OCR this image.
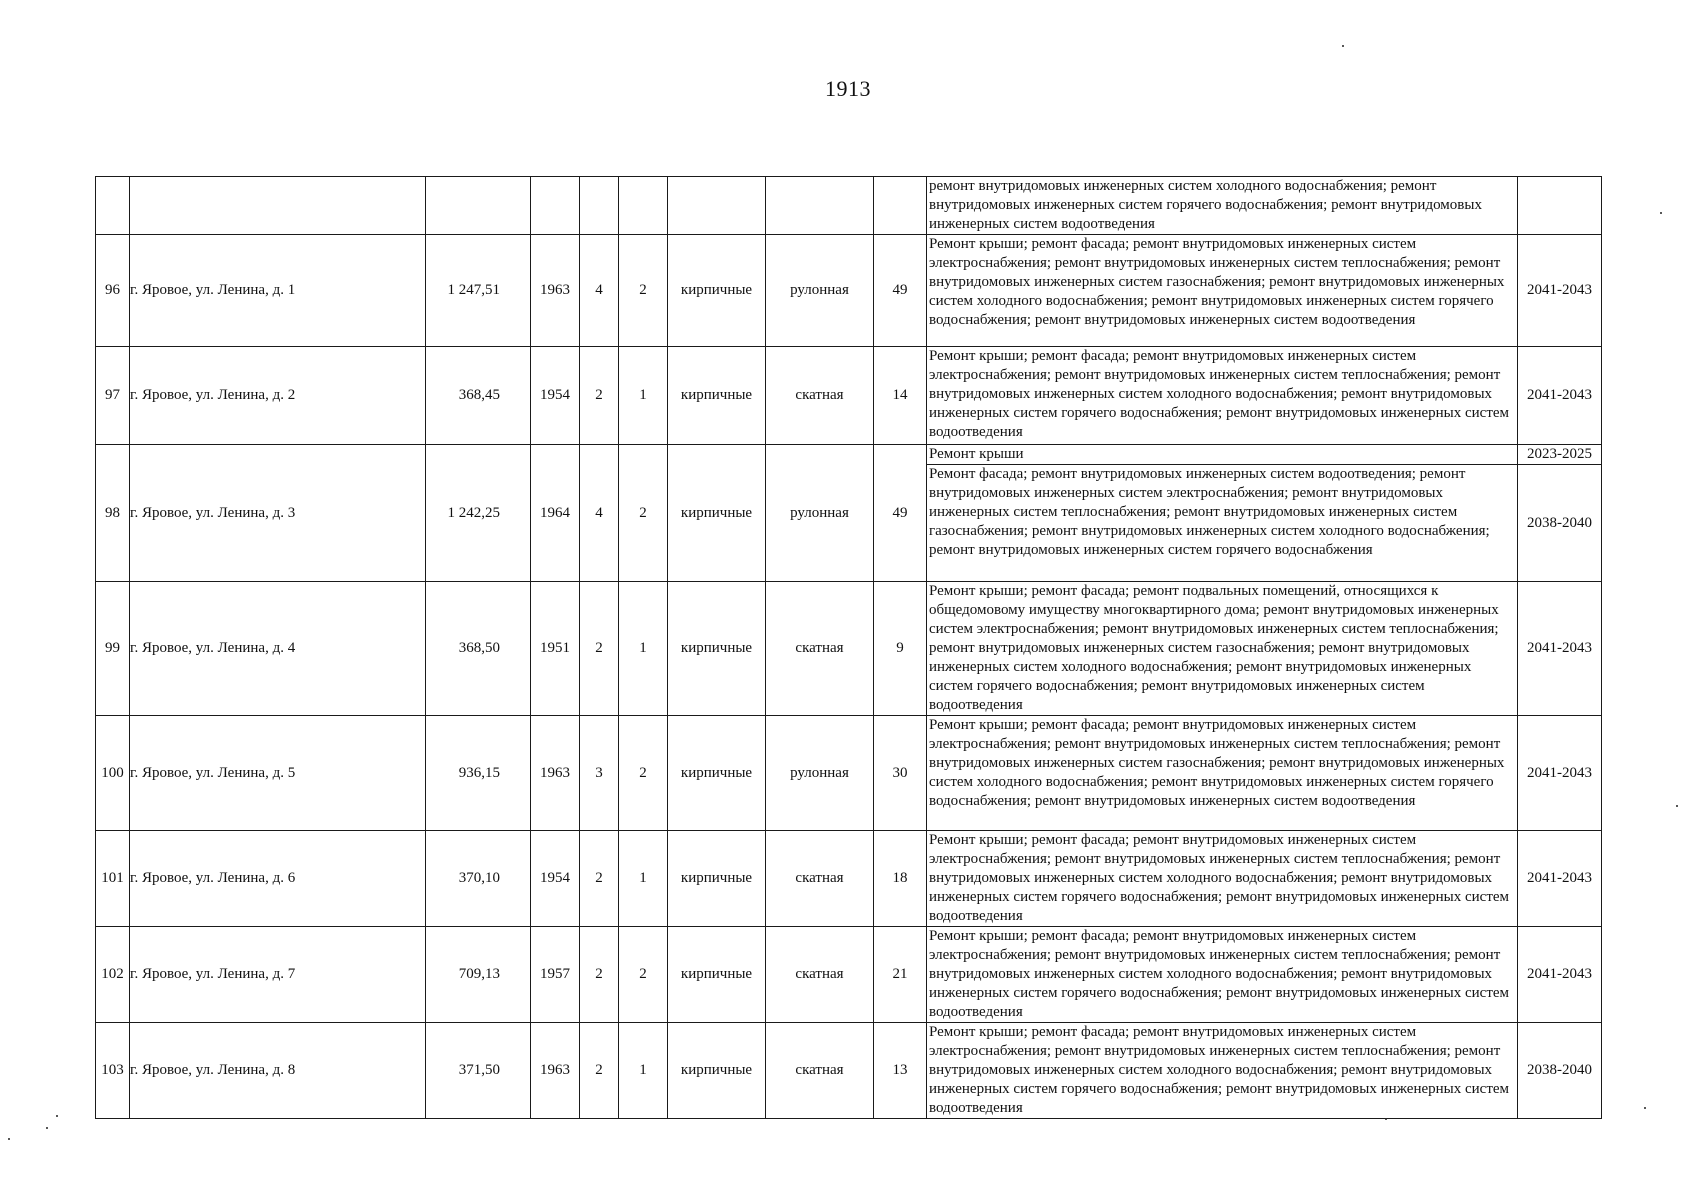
1913
									ремонт внутридомовых инженерных систем холодного водоснабжения; ремонт внутридомовых инженерных систем горячего водоснабжения; ремонт внутридомовых инженерных систем водоотведения	
96	г. Яровое, ул. Ленина, д. 1	1 247,51	1963	4	2	кирпичные	рулонная	49	Ремонт крыши; ремонт фасада; ремонт внутридомовых инженерных систем электроснабжения; ремонт внутридомовых инженерных систем теплоснабжения; ремонт внутридомовых инженерных систем газоснабжения; ремонт внутридомовых инженерных систем холодного водоснабжения; ремонт внутридомовых инженерных систем горячего водоснабжения; ремонт внутридомовых инженерных систем водоотведения	2041-2043
97	г. Яровое, ул. Ленина, д. 2	368,45	1954	2	1	кирпичные	скатная	14	Ремонт крыши; ремонт фасада; ремонт внутридомовых инженерных систем электроснабжения; ремонт внутридомовых инженерных систем теплоснабжения; ремонт внутридомовых инженерных систем холодного водоснабжения; ремонт внутридомовых инженерных систем горячего водоснабжения; ремонт внутридомовых инженерных систем водоотведения	2041-2043
98	г. Яровое, ул. Ленина, д. 3	1 242,25	1964	4	2	кирпичные	рулонная	49	Ремонт крыши	2023-2025
									Ремонт фасада; ремонт внутридомовых инженерных систем водоотведения; ремонт внутридомовых инженерных систем электроснабжения; ремонт внутридомовых инженерных систем теплоснабжения; ремонт внутридомовых инженерных систем газоснабжения; ремонт внутридомовых инженерных систем холодного водоснабжения; ремонт внутридомовых инженерных систем горячего водоснабжения	2038-2040
99	г. Яровое, ул. Ленина, д. 4	368,50	1951	2	1	кирпичные	скатная	9	Ремонт крыши; ремонт фасада; ремонт подвальных помещений, относящихся к общедомовому имуществу многоквартирного дома; ремонт внутридомовых инженерных систем электроснабжения; ремонт внутридомовых инженерных систем теплоснабжения; ремонт внутридомовых инженерных систем газоснабжения; ремонт внутридомовых инженерных систем холодного водоснабжения; ремонт внутридомовых инженерных систем горячего водоснабжения; ремонт внутридомовых инженерных систем водоотведения	2041-2043
100	г. Яровое, ул. Ленина, д. 5	936,15	1963	3	2	кирпичные	рулонная	30	Ремонт крыши; ремонт фасада; ремонт внутридомовых инженерных систем электроснабжения; ремонт внутридомовых инженерных систем теплоснабжения; ремонт внутридомовых инженерных систем газоснабжения; ремонт внутридомовых инженерных систем холодного водоснабжения; ремонт внутридомовых инженерных систем горячего водоснабжения; ремонт внутридомовых инженерных систем водоотведения	2041-2043
101	г. Яровое, ул. Ленина, д. 6	370,10	1954	2	1	кирпичные	скатная	18	Ремонт крыши; ремонт фасада; ремонт внутридомовых инженерных систем электроснабжения; ремонт внутридомовых инженерных систем теплоснабжения; ремонт внутридомовых инженерных систем холодного водоснабжения; ремонт внутридомовых инженерных систем горячего водоснабжения; ремонт внутридомовых инженерных систем водоотведения	2041-2043
102	г. Яровое, ул. Ленина, д. 7	709,13	1957	2	2	кирпичные	скатная	21	Ремонт крыши; ремонт фасада; ремонт внутридомовых инженерных систем электроснабжения; ремонт внутридомовых инженерных систем теплоснабжения; ремонт внутридомовых инженерных систем холодного водоснабжения; ремонт внутридомовых инженерных систем горячего водоснабжения; ремонт внутридомовых инженерных систем водоотведения	2041-2043
103	г. Яровое, ул. Ленина, д. 8	371,50	1963	2	1	кирпичные	скатная	13	Ремонт крыши; ремонт фасада; ремонт внутридомовых инженерных систем электроснабжения; ремонт внутридомовых инженерных систем теплоснабжения; ремонт внутридомовых инженерных систем холодного водоснабжения; ремонт внутридомовых инженерных систем горячего водоснабжения; ремонт внутридомовых инженерных систем водоотведения	2038-2040
